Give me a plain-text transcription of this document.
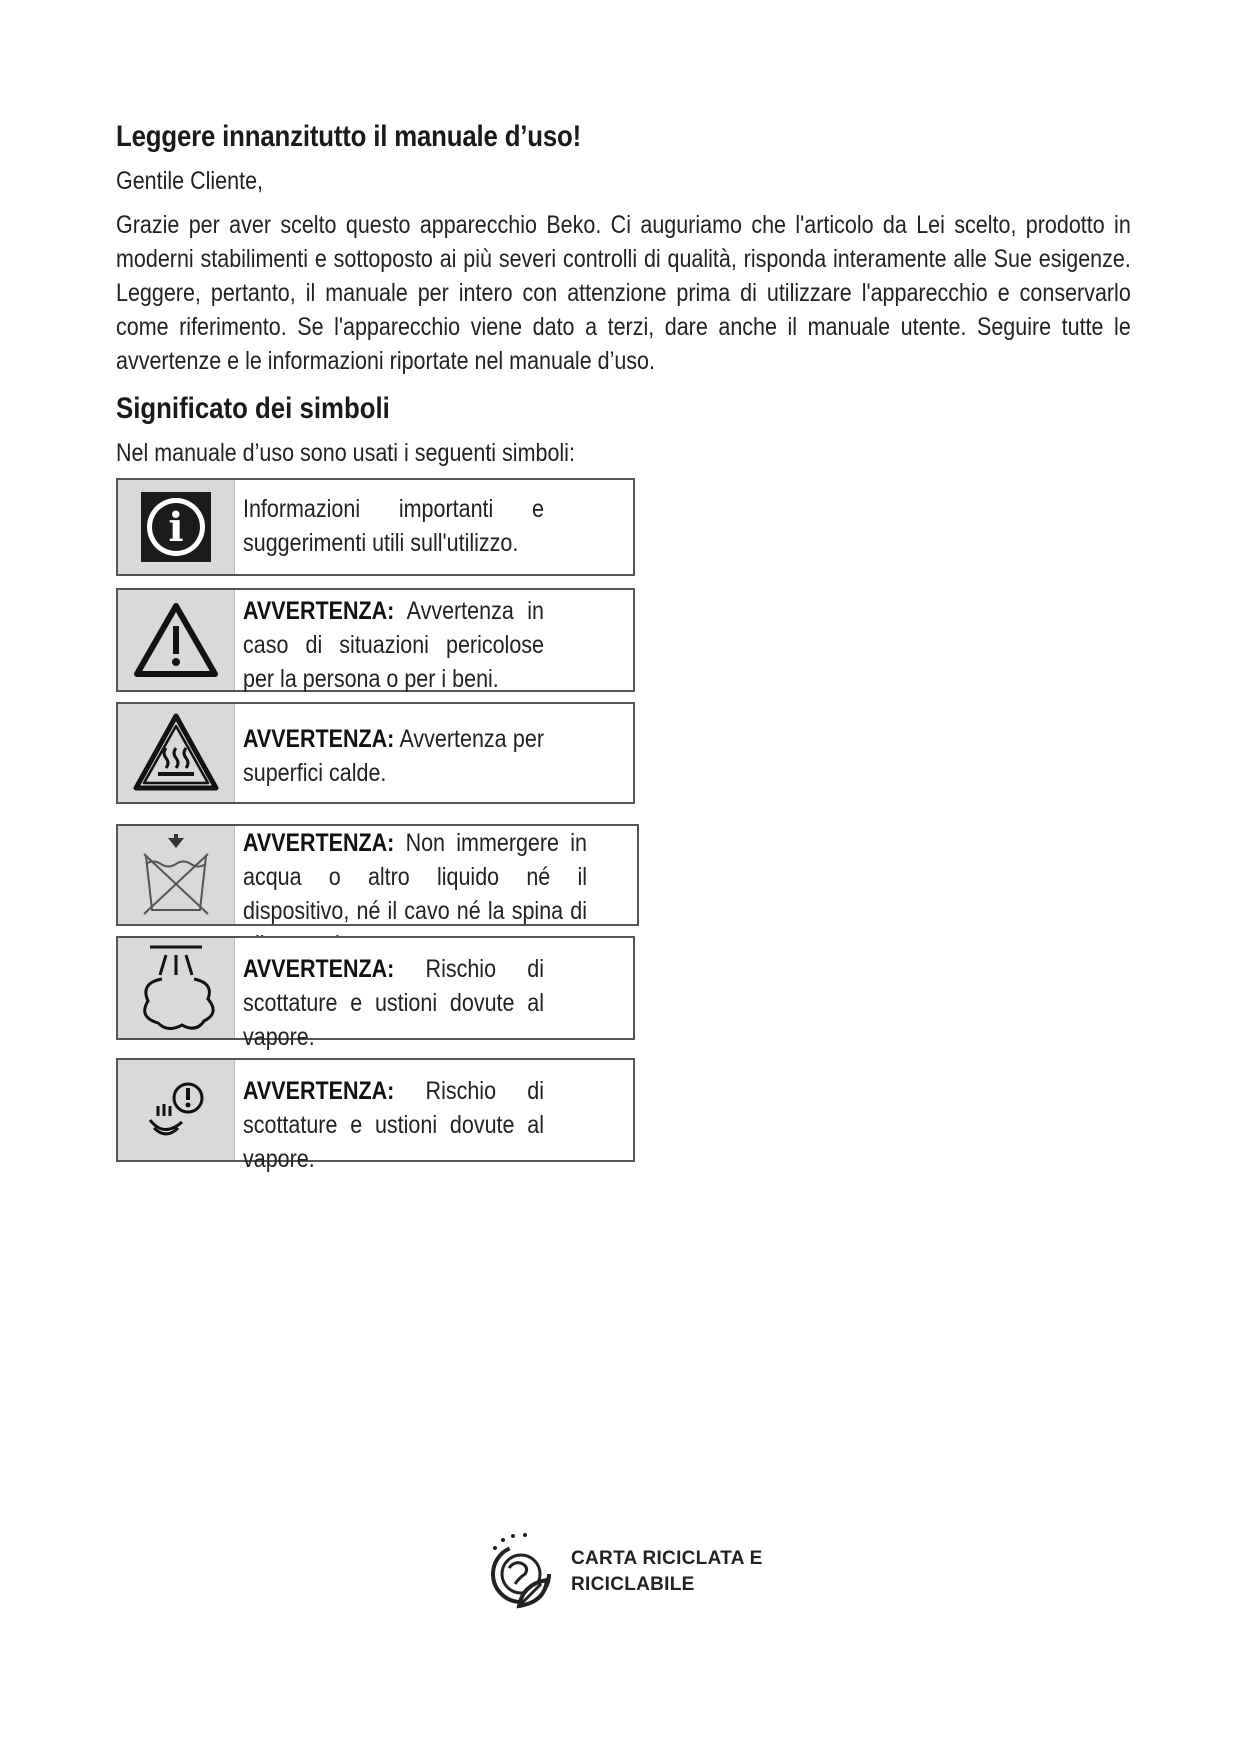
Leggere innanzitutto il manuale d’uso!
Gentile Cliente,
Grazie per aver scelto questo apparecchio Beko. Ci auguriamo che l'articolo da Lei scelto, prodotto in moderni stabilimenti e sottoposto ai più severi controlli di qualità, risponda interamente alle Sue esigenze. Leggere, pertanto, il manuale per intero con attenzione prima di utilizzare l'apparecchio e conservarlo come riferimento. Se l'apparecchio viene dato a terzi, dare anche il manuale utente. Seguire tutte le avvertenze e le informazioni riportate nel manuale d’uso.
Significato dei simboli
Nel manuale d’uso sono usati i seguenti simboli:
i Informazioni importanti e suggerimenti utili sull'utilizzo.
AVVERTENZA: Avvertenza in caso di situazioni pericolose per la persona o per i beni.
AVVERTENZA: Avvertenza per superfici calde.
AVVERTENZA: Non immergere in acqua o altro liquido né il dispositivo, né il cavo né la spina di
AVVERTENZA: Rischio di scottature e ustioni dovute al vapore.
AVVERTENZA: Rischio di scottature e ustioni dovute al vapore.
CARTA RICICLATA E
RICICLABILE
